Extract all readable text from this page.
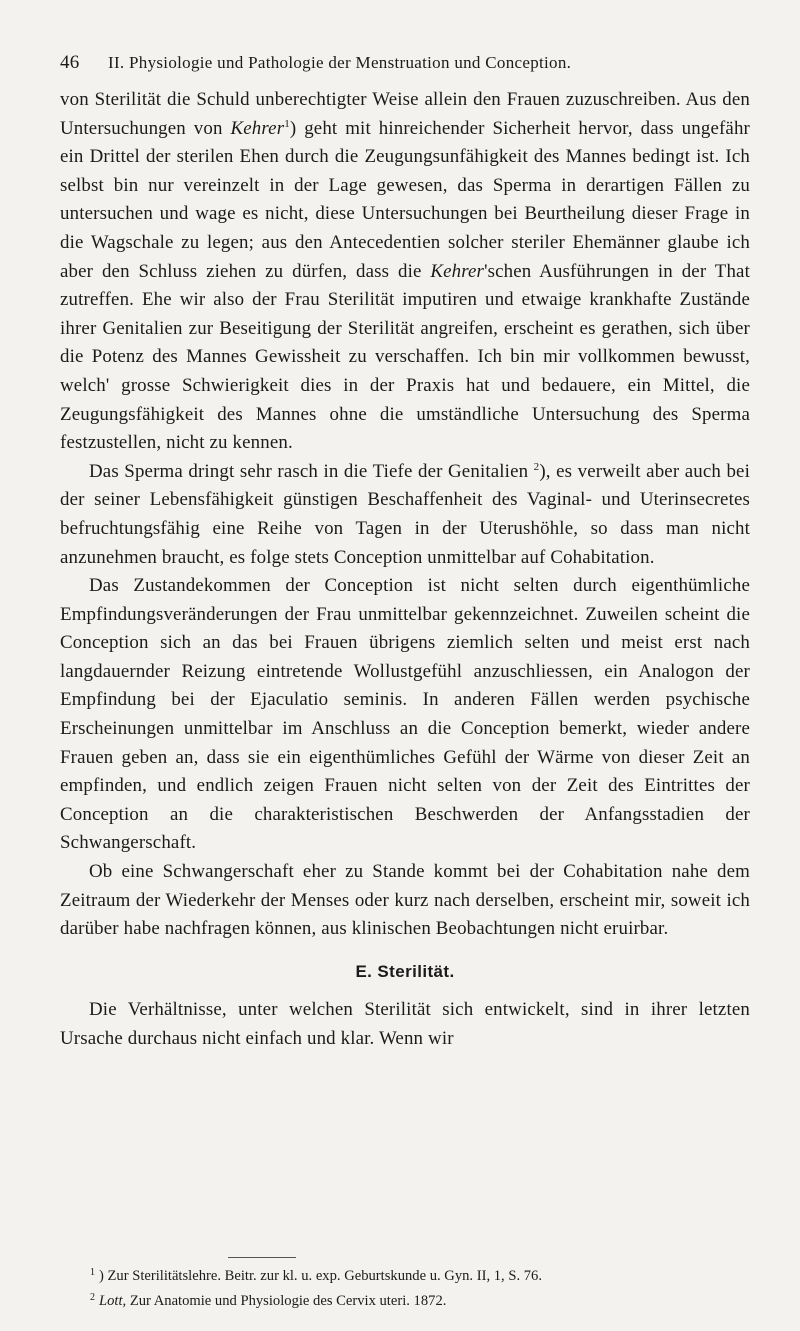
46 II. Physiologie und Pathologie der Menstruation und Conception.

von Sterilität die Schuld unberechtigter Weise allein den Frauen zuzuschreiben. Aus den Untersuchungen von Kehrer$^1$) geht mit hinreichender Sicherheit hervor, dass ungefähr ein Drittel der sterilen Ehen durch die Zeugungsunfähigkeit des Mannes bedingt ist. Ich selbst bin nur vereinzelt in der Lage gewesen, das Sperma in derartigen Fällen zu untersuchen und wage es nicht, diese Untersuchungen bei Beurtheilung dieser Frage in die Wagschale zu legen; aus den Antecedentien solcher steriler Ehemänner glaube ich aber den Schluss ziehen zu dürfen, dass die Kehrer'schen Ausführungen in der That zutreffen. Ehe wir also der Frau Sterilität imputiren und etwaige krankhafte Zustände ihrer Genitalien zur Beseitigung der Sterilität angreifen, erscheint es gerathen, sich über die Potenz des Mannes Gewissheit zu verschaffen. Ich bin mir vollkommen bewusst, welch' grosse Schwierigkeit dies in der Praxis hat und bedauere, ein Mittel, die Zeugungsfähigkeit des Mannes ohne die umständliche Untersuchung des Sperma festzustellen, nicht zu kennen.

Das Sperma dringt sehr rasch in die Tiefe der Genitalien $^2$), es verweilt aber auch bei der seiner Lebensfähigkeit günstigen Beschaffenheit des Vaginal- und Uterinsecretes befruchtungsfähig eine Reihe von Tagen in der Uterushöhle, so dass man nicht anzunehmen braucht, es folge stets Conception unmittelbar auf Cohabitation.

Das Zustandekommen der Conception ist nicht selten durch eigenthümliche Empfindungsveränderungen der Frau unmittelbar gekennzeichnet. Zuweilen scheint die Conception sich an das bei Frauen übrigens ziemlich selten und meist erst nach langdauernder Reizung eintretende Wollustgefühl anzuschliessen, ein Analogon der Empfindung bei der Ejaculatio seminis. In anderen Fällen werden psychische Erscheinungen unmittelbar im Anschluss an die Conception bemerkt, wieder andere Frauen geben an, dass sie ein eigenthümliches Gefühl der Wärme von dieser Zeit an empfinden, und endlich zeigen Frauen nicht selten von der Zeit des Eintrittes der Conception an die charakteristischen Beschwerden der Anfangsstadien der Schwangerschaft.

Ob eine Schwangerschaft eher zu Stande kommt bei der Cohabitation nahe dem Zeitraum der Wiederkehr der Menses oder kurz nach derselben, erscheint mir, soweit ich darüber habe nachfragen können, aus klinischen Beobachtungen nicht eruirbar.

E. Sterilität.

Die Verhältnisse, unter welchen Sterilität sich entwickelt, sind in ihrer letzten Ursache durchaus nicht einfach und klar. Wenn wir

$^1$ ) Zur Sterilitätslehre. Beitr. zur kl. u. exp. Geburtskunde u. Gyn. II, 1, S. 76.
$^2$ Lott, Zur Anatomie und Physiologie des Cervix uteri. 1872.
